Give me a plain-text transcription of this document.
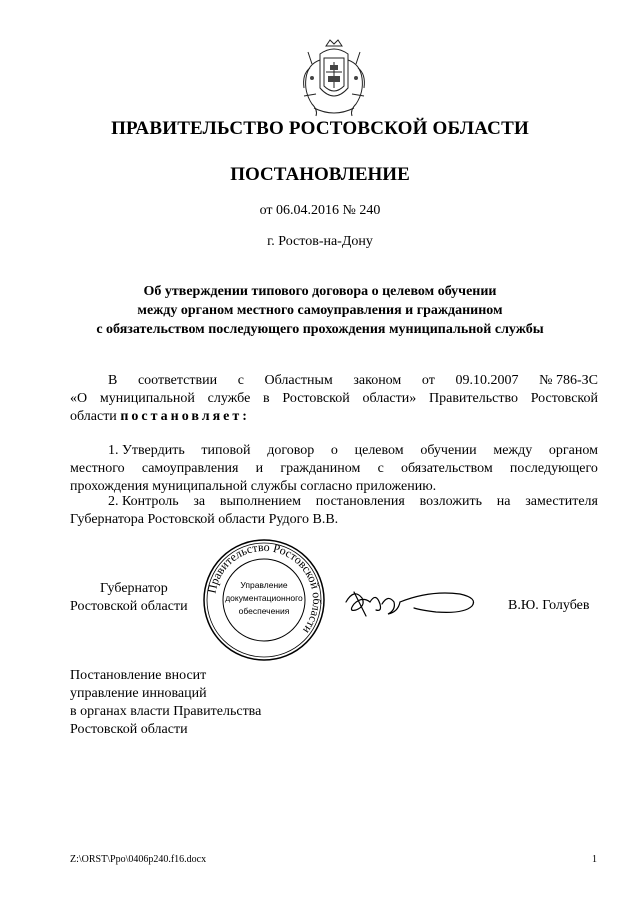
ПРАВИТЕЛЬСТВО РОСТОВСКОЙ ОБЛАСТИ
ПОСТАНОВЛЕНИЕ
от 06.04.2016 № 240
г. Ростов-на-Дону
Об утверждении типового договора о целевом обучении
между органом местного самоуправления и гражданином
с обязательством последующего прохождения муниципальной службы
В соответствии с Областным законом от 09.10.2007 № 786-ЗС
«О муниципальной службе в Ростовской области» Правительство Ростовской
области постановляет:
1. Утвердить типовой договор о целевом обучении между органом
местного самоуправления и гражданином с обязательством последующего
прохождения муниципальной службы согласно приложению.
2. Контроль за выполнением постановления возложить на заместителя
Губернатора Ростовской области Рудого В.В.
Губернатор
Ростовской области
Правительство Ростовской области
Управление
документационного
обеспечения	В.Ю. Голубев
Постановление вносит
управление инноваций
в органах власти Правительства
Ростовской области
Z:\ORST\Ppo\0406p240.f16.docx	1
